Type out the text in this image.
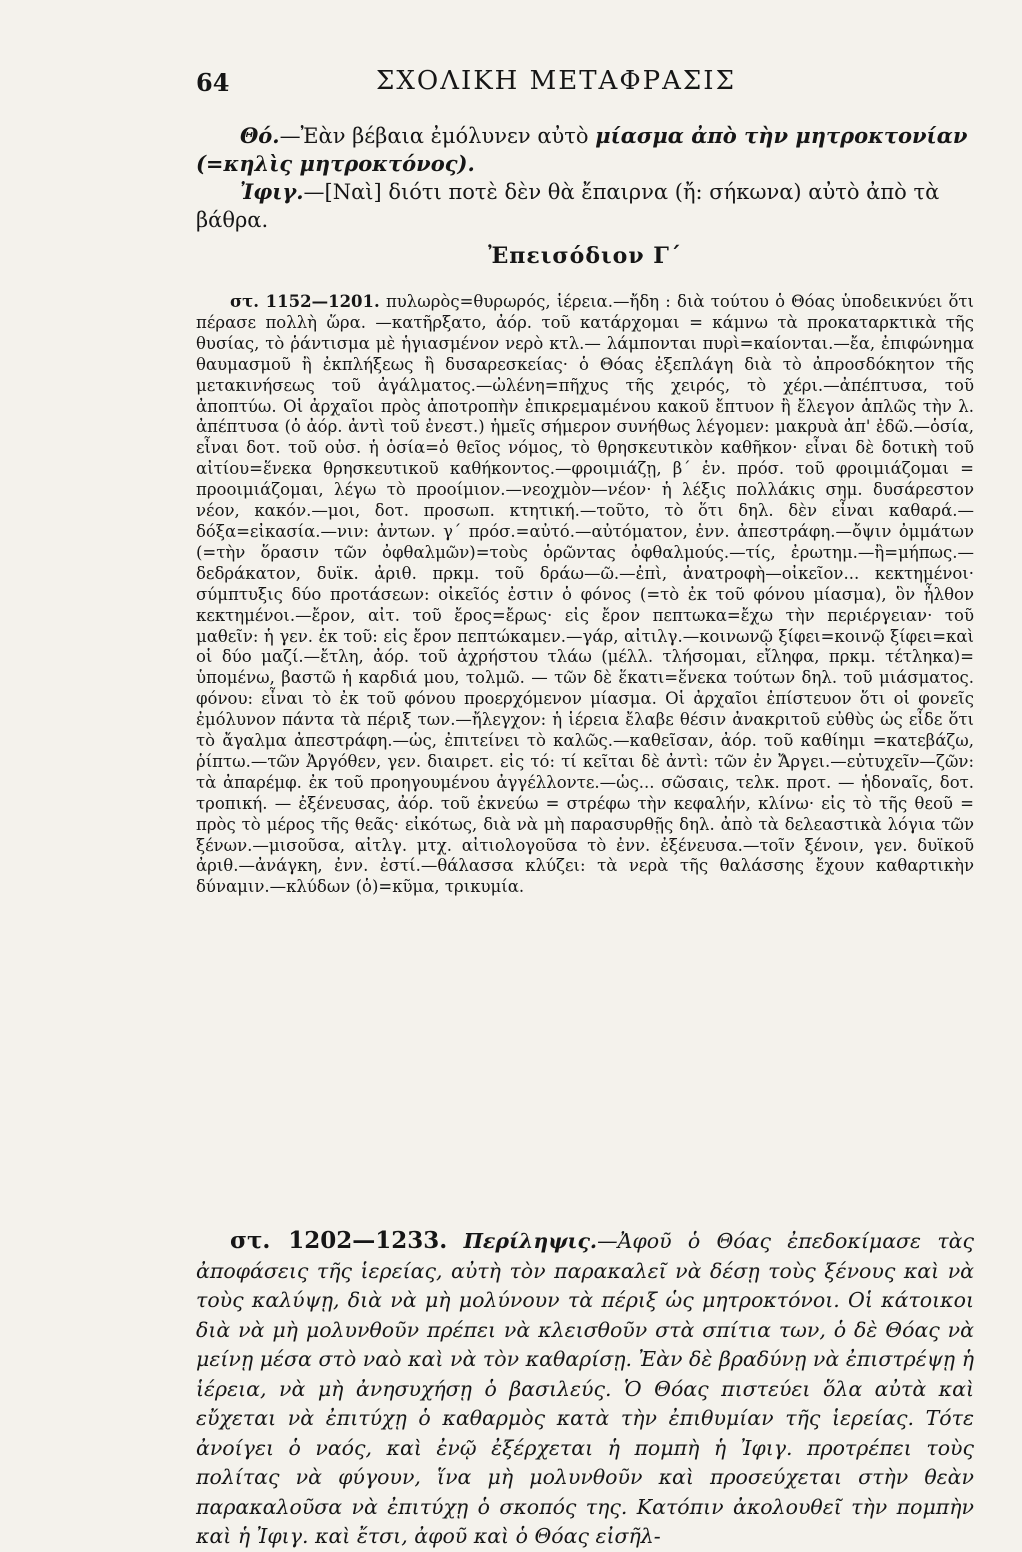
64	ΣΧΟΛΙΚΗ ΜΕΤΑΦΡΑΣΙΣ

Θό.—Ἐὰν βέβαια ἐμόλυνεν αὐτὸ μίασμα ἀπὸ τὴν μητροκτονίαν (=κηλὶς μητροκτόνος).

Ἰφιγ.—[Ναὶ] διότι ποτὲ δὲν θὰ ἔπαιρνα (ἤ: σήκωνα) αὐτὸ ἀπὸ τὰ βάθρα.

Ἐπεισόδιον Γ΄

στ. 1152—1201. πυλωρὸς=θυρωρός, ἱέρεια.—ἤδη : διὰ τούτου ὁ Θόας ὑποδεικνύει ὅτι πέρασε πολλὴ ὥρα. —κατῆρξατο, ἀόρ. τοῦ κατάρχομαι = κάμνω τὰ προκαταρκτικὰ τῆς θυσίας, τὸ ῥάντισμα μὲ ἡγιασμένον νερὸ κτλ.— λάμπονται πυρὶ=καίονται.—ἔα, ἐπιφώνημα θαυμασμοῦ ἢ ἐκπλήξεως ἢ δυσαρεσκείας· ὁ Θόας ἐξεπλάγη διὰ τὸ ἀπροσδόκητον τῆς μετακινήσεως τοῦ ἀγάλματος.—ὠλένη=πῆχυς τῆς χειρός, τὸ χέρι.—ἀπέπτυσα, τοῦ ἀποπτύω. Οἱ ἀρχαῖοι πρὸς ἀποτροπὴν ἐπικρεμαμένου κακοῦ ἔπτυον ἢ ἔλεγον ἁπλῶς τὴν λ. ἀπέπτυσα (ὁ ἀόρ. ἀντὶ τοῦ ἐνεστ.) ἡμεῖς σήμερον συνήθως λέγομεν: μακρυὰ ἀπ' ἐδῶ.—ὁσία, εἶναι δοτ. τοῦ οὐσ. ἡ ὁσία=ὁ θεῖος νόμος, τὸ θρησκευτικὸν καθῆκον· εἶναι δὲ δοτικὴ τοῦ αἰτίου=ἕνεκα θρησκευτικοῦ καθήκοντος.—φροιμιάζῃ, β΄ ἑν. πρόσ. τοῦ φροιμιάζομαι = προοιμιάζομαι, λέγω τὸ προοίμιον.—νεοχμὸν—νέον· ἡ λέξις πολλάκις σημ. δυσάρεστον νέον, κακόν.—μοι, δοτ. προσωπ. κτητική.—τοῦτο, τὸ ὅτι δηλ. δὲν εἶναι καθαρά.—δόξα=εἰκασία.—νιν: ἀντων. γ΄ πρόσ.=αὐτό.—αὐτόματον, ἐνν. ἀπεστράφη.—ὄψιν ὀμμάτων (=τὴν ὅρασιν τῶν ὀφθαλμῶν)=τοὺς ὁρῶντας ὀφθαλμούς.—τίς, ἐρωτημ.—ἢ=μήπως.—δεδράκατον, δυϊκ. ἀριθ. πρκμ. τοῦ δράω—ῶ.—ἐπὶ, ἀνατροφὴ—οἰκεῖον... κεκτημένοι· σύμπτυξις δύο προτάσεων: οἰκεῖός ἐστιν ὁ φόνος (=τὸ ἐκ τοῦ φόνου μίασμα), ὃν ἦλθον κεκτημένοι.—ἔρον, αἰτ. τοῦ ἔρος=ἔρως· εἰς ἔρον πεπτωκα=ἔχω τὴν περιέργειαν· τοῦ μαθεῖν: ἡ γεν. ἐκ τοῦ: εἰς ἔρον πεπτώκαμεν.—γάρ, αἰτιλγ.—κοινωνῷ ξίφει=κοινῷ ξίφει=καὶ οἱ δύο μαζί.—ἔτλη, ἀόρ. τοῦ ἀχρήστου τλάω (μέλλ. τλήσομαι, εἴληφα, πρκμ. τέτληκα)= ὑπομένω, βαστῶ ἡ καρδιά μου, τολμῶ. — τῶν δὲ ἕκατι=ἕνεκα τούτων δηλ. τοῦ μιάσματος. φόνου: εἶναι τὸ ἐκ τοῦ φόνου προερχόμενον μίασμα. Οἱ ἀρχαῖοι ἐπίστευον ὅτι οἱ φονεῖς ἐμόλυνον πάντα τὰ πέριξ των.—ἤλεγχον: ἡ ἱέρεια ἔλαβε θέσιν ἀνακριτοῦ εὐθὺς ὡς εἶδε ὅτι τὸ ἄγαλμα ἀπεστράφη.—ὡς, ἐπιτείνει τὸ καλῶς.—καθεῖσαν, ἀόρ. τοῦ καθίημι =κατεβάζω, ῥίπτω.—τῶν Ἀργόθεν, γεν. διαιρετ. εἰς τό: τί κεῖται δὲ ἀντὶ: τῶν ἐν Ἄργει.—εὐτυχεῖν—ζῶν: τὰ ἀπαρέμφ. ἐκ τοῦ προηγουμένου ἀγγέλλοντε.—ὡς... σῶσαις, τελκ. προτ. — ἡδοναῖς, δοτ. τροπική. — ἐξένευσας, ἀόρ. τοῦ ἐκνεύω = στρέφω τὴν κεφαλήν, κλίνω· εἰς τὸ τῆς θεοῦ = πρὸς τὸ μέρος τῆς θεᾶς· εἰκότως, διὰ νὰ μὴ παρασυρθῇς δηλ. ἀπὸ τὰ δελεαστικὰ λόγια τῶν ξένων.—μισοῦσα, αἰτλγ. μτχ. αἰτιολογοῦσα τὸ ἐνν. ἐξένευσα.—τοῖν ξένοιν, γεν. δυϊκοῦ ἀριθ.—ἀνάγκη, ἐνν. ἐστί.—θάλασσα κλύζει: τὰ νερὰ τῆς θαλάσσης ἔχουν καθαρτικὴν δύναμιν.—κλύδων (ὁ)=κῦμα, τρικυμία.

στ. 1202—1233. Περίληψις.—Ἀφοῦ ὁ Θόας ἐπεδοκίμασε τὰς ἀποφάσεις τῆς ἱερείας, αὐτὴ τὸν παρακαλεῖ νὰ δέσῃ τοὺς ξένους καὶ νὰ τοὺς καλύψῃ, διὰ νὰ μὴ μολύνουν τὰ πέριξ ὡς μητροκτόνοι. Οἱ κάτοικοι διὰ νὰ μὴ μολυνθοῦν πρέπει νὰ κλεισθοῦν στὰ σπίτια των, ὁ δὲ Θόας νὰ μείνῃ μέσα στὸ ναὸ καὶ νὰ τὸν καθαρίσῃ. Ἐὰν δὲ βραδύνῃ νὰ ἐπιστρέψῃ ἡ ἱέρεια, νὰ μὴ ἀνησυχήσῃ ὁ βασιλεύς. Ὁ Θόας πιστεύει ὅλα αὐτὰ καὶ εὔχεται νὰ ἐπιτύχῃ ὁ καθαρμὸς κατὰ τὴν ἐπιθυμίαν τῆς ἱερείας. Τότε ἀνοίγει ὁ ναός, καὶ ἐνῷ ἐξέρχεται ἡ πομπὴ ἡ Ἰφιγ. προτρέπει τοὺς πολίτας νὰ φύγουν, ἵνα μὴ μολυνθοῦν καὶ προσεύχεται στὴν θεὰν παρακαλοῦσα νὰ ἐπιτύχῃ ὁ σκοπός της. Κατόπιν ἀκολουθεῖ τὴν πομπὴν καὶ ἡ Ἰφιγ. καὶ ἔτσι, ἀφοῦ καὶ ὁ Θόας εἰσῆλ-
